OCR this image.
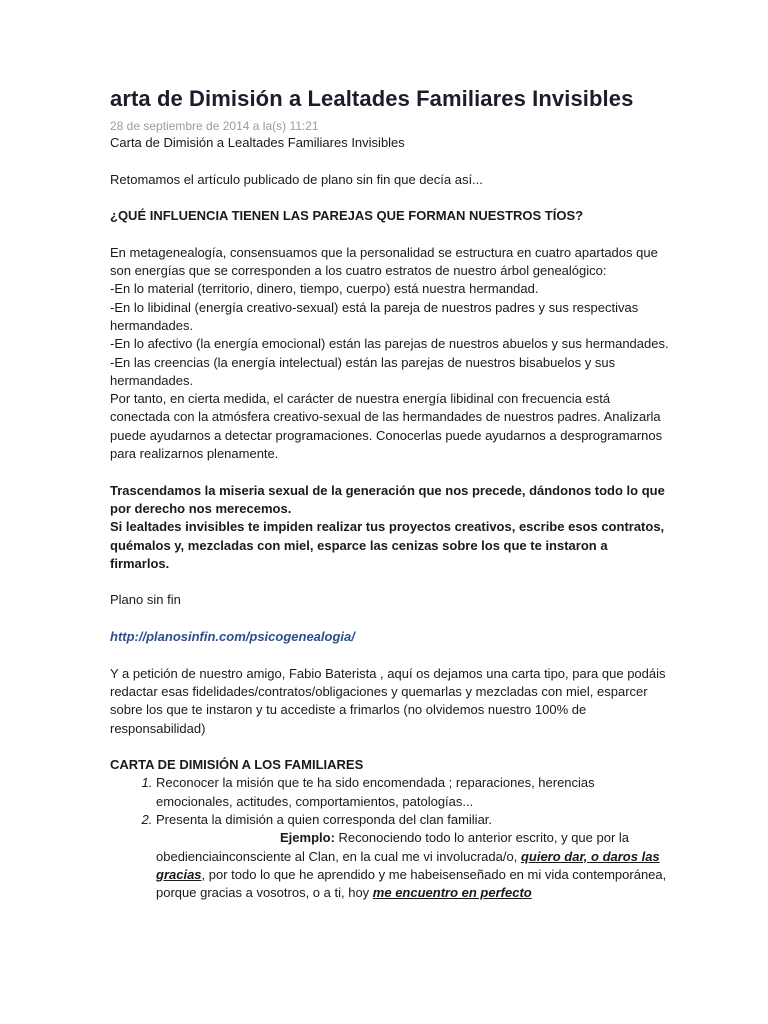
arta de Dimisión a Lealtades Familiares Invisibles
28 de septiembre de 2014 a la(s) 11:21

Carta de Dimisión a Lealtades Familiares Invisibles

Retomamos el artículo publicado de plano sin fin que decía así...

¿QUÉ INFLUENCIA TIENEN LAS PAREJAS QUE FORMAN NUESTROS TÍOS?

En metagenealogía, consensuamos que la personalidad se estructura en cuatro apartados que son energías que se corresponden a los cuatro estratos de nuestro árbol genealógico:

-En lo material (territorio, dinero, tiempo, cuerpo) está nuestra hermandad.

-En lo libidinal (energía creativo-sexual) está la pareja de nuestros padres y sus respectivas hermandades.

-En lo afectivo (la energía emocional) están las parejas de nuestros abuelos y sus hermandades.

-En las creencias (la energía intelectual) están las parejas de nuestros bisabuelos y sus hermandades.

Por tanto, en cierta medida, el carácter de nuestra energía libidinal con frecuencia está conectada con la atmósfera creativo-sexual de las hermandades de nuestros padres. Analizarla puede ayudarnos a detectar programaciones. Conocerlas puede ayudarnos a desprogramarnos para realizarnos plenamente.

Trascendamos la miseria sexual de la generación que nos precede, dándonos todo lo que por derecho nos merecemos.

Si lealtades invisibles te impiden realizar tus proyectos creativos, escribe esos contratos, quémalos y, mezcladas con miel, esparce las cenizas sobre los que te instaron a firmarlos.

Plano sin fin

http://planosinfin.com/psicogenealogia/

Y a petición de nuestro amigo, Fabio Baterista , aquí os dejamos una carta tipo, para que podáis redactar esas fidelidades/contratos/obligaciones y quemarlas y mezcladas con miel, esparcer sobre los que te instaron y tu accediste a frimarlos (no olvidemos nuestro 100% de responsabilidad)

CARTA DE DIMISIÓN A LOS FAMILIARES

1. Reconocer la misión que te ha sido encomendada ; reparaciones, herencias emocionales, actitudes, comportamientos, patologías...
2. Presenta la dimisión a quien corresponda del clan familiar.
Ejemplo: Reconociendo todo lo anterior escrito, y que por la obedienciainconsciente al Clan, en la cual me vi involucrada/o, quiero dar, o daros las gracias, por todo lo que he aprendido y me habeisenseñado en mi vida contemporánea, porque gracias a vosotros, o a ti, hoy me encuentro en perfecto
